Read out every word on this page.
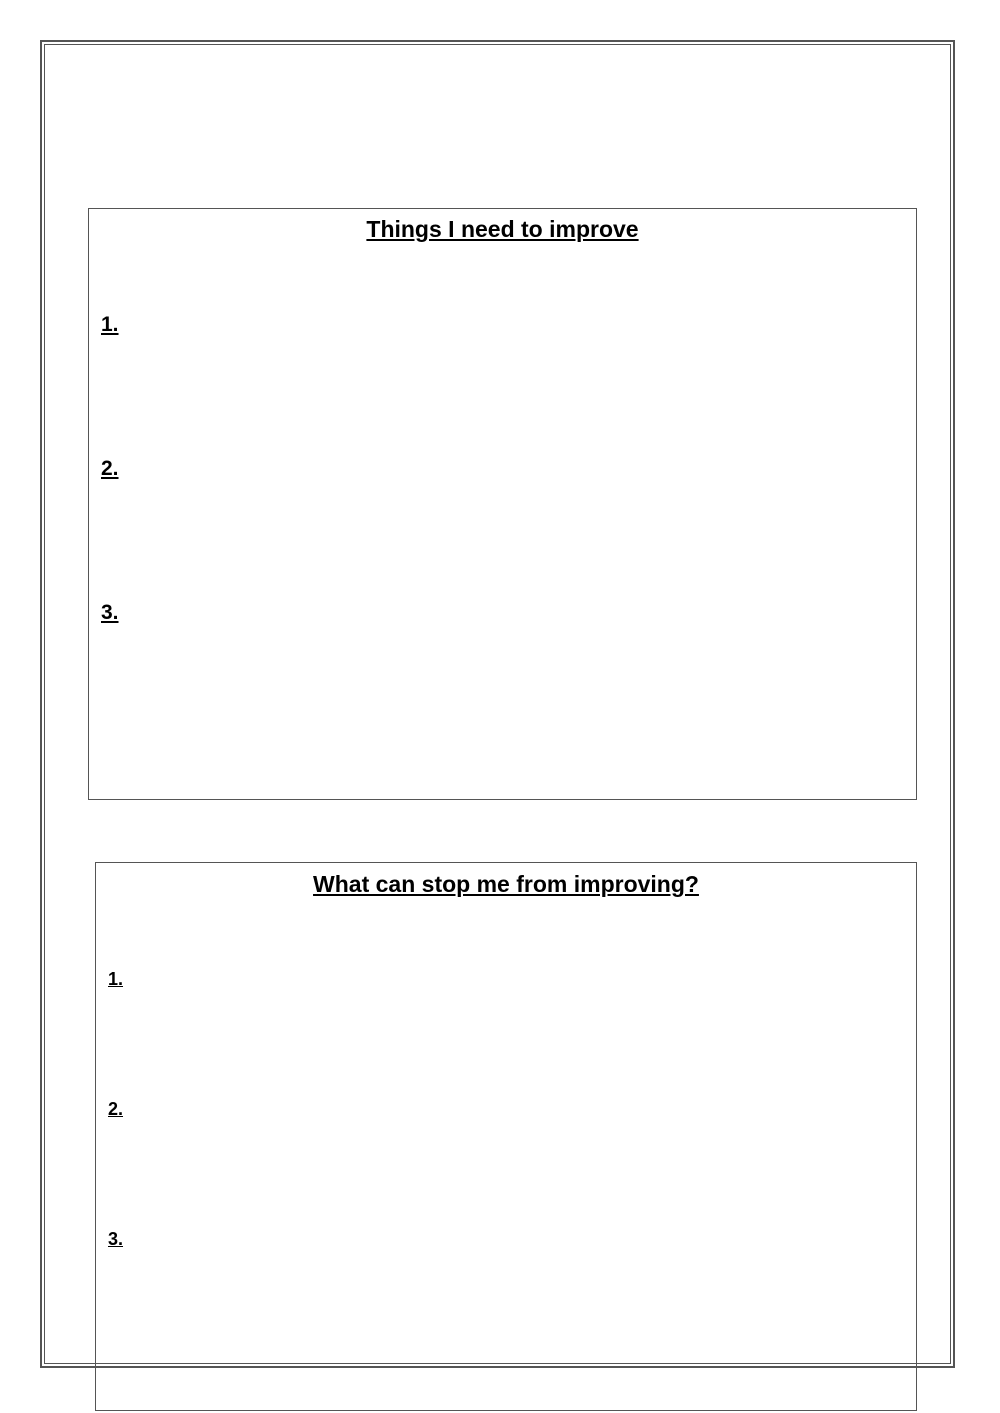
Things I need to improve
1.
2.
3.
What can stop me from improving?
1.
2.
3.
